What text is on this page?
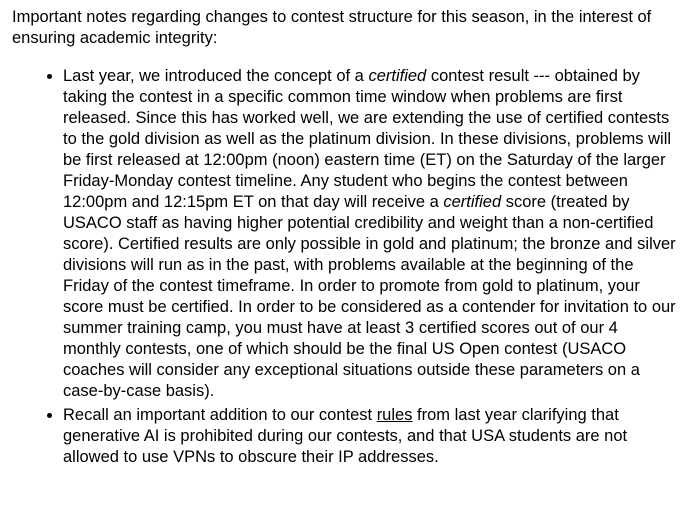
Important notes regarding changes to contest structure for this season, in the interest of ensuring academic integrity:

• Last year, we introduced the concept of a certified contest result --- obtained by taking the contest in a specific common time window when problems are first released. Since this has worked well, we are extending the use of certified contests to the gold division as well as the platinum division. In these divisions, problems will be first released at 12:00pm (noon) eastern time (ET) on the Saturday of the larger Friday-Monday contest timeline. Any student who begins the contest between 12:00pm and 12:15pm ET on that day will receive a certified score (treated by USACO staff as having higher potential credibility and weight than a non-certified score). Certified results are only possible in gold and platinum; the bronze and silver divisions will run as in the past, with problems available at the beginning of the Friday of the contest timeframe. In order to promote from gold to platinum, your score must be certified. In order to be considered as a contender for invitation to our summer training camp, you must have at least 3 certified scores out of our 4 monthly contests, one of which should be the final US Open contest (USACO coaches will consider any exceptional situations outside these parameters on a case-by-case basis).
• Recall an important addition to our contest rules from last year clarifying that generative AI is prohibited during our contests, and that USA students are not allowed to use VPNs to obscure their IP addresses.
